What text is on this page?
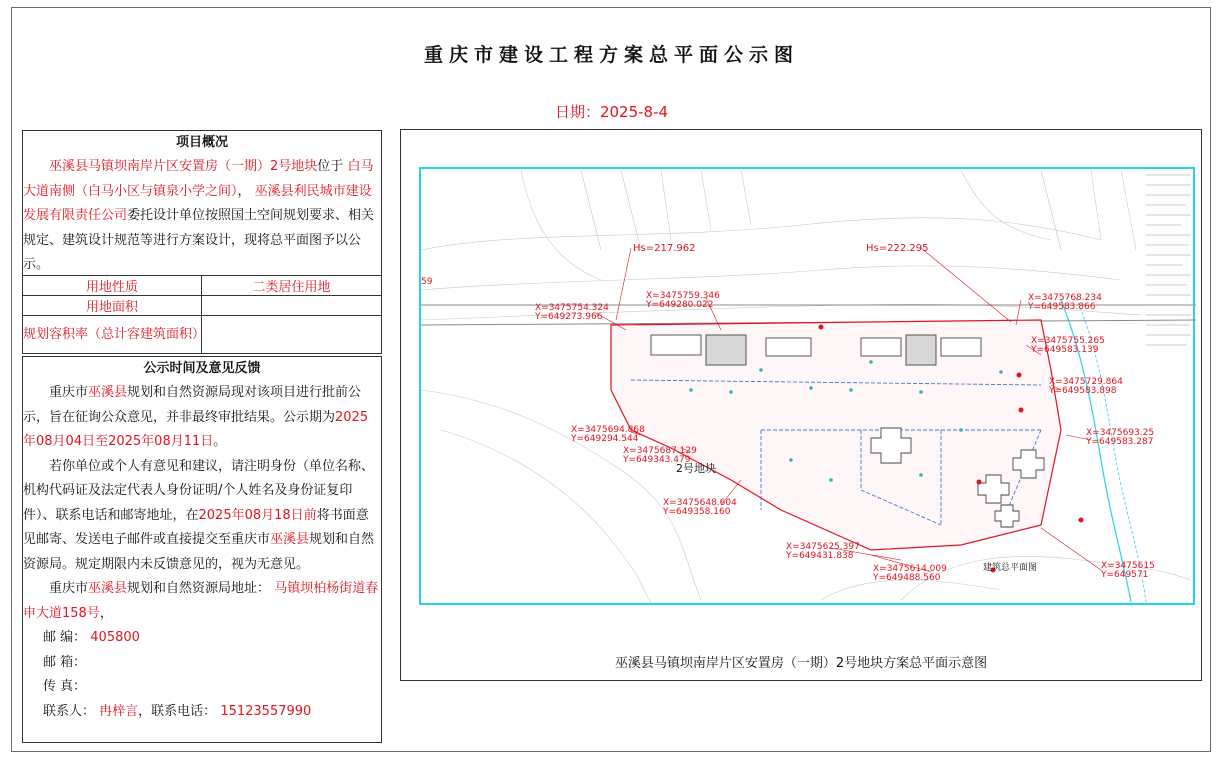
重庆市建设工程方案总平面公示图
日期：2025-8-4
项目概况
巫溪县马镇坝南岸片区安置房（一期）2号地块位于 白马大道南侧（白马小区与镇泉小学之间）， 巫溪县利民城市建设发展有限责任公司委托设计单位按照国土空间规划要求、相关规定、建筑设计规范等进行方案设计，现将总平面图予以公示。
用地性质	二类居住用地
用地面积	
规划容积率（总计容建筑面积）	
公示时间及意见反馈
重庆市巫溪县规划和自然资源局现对该项目进行批前公示，旨在征询公众意见，并非最终审批结果。公示期为2025年08月04日至2025年08月11日。
若你单位或个人有意见和建议，请注明身份（单位名称、机构代码证及法定代表人身份证明/个人姓名及身份证复印件）、联系电话和邮寄地址，在2025年08月18日前将书面意见邮寄、发送电子邮件或直接提交至重庆市巫溪县规划和自然资源局。规定期限内未反馈意见的，视为无意见。
重庆市巫溪县规划和自然资源局地址： 马镇坝柏杨街道春申大道158号，
邮 编： 405800
邮 箱：
传 真：
联系人： 冉梓言，联系电话： 15123557990
Hs=217.962	Hs=222.295
59
X=3475754.324
Y=649273.966
X=3475759.346
Y=649280.022
X=3475768.234
Y=649583.866
X=3475755.265
Y=649583.139
X=3475729.864
Y=649583.898
X=3475694.868
Y=649294.544
X=3475687.129
Y=649343.479
X=3475693.25
Y=649583.287
X=3475648.604
Y=649358.160
X=3475625.397
Y=649431.838
X=3475614.009
Y=649488.560
X=3475615
Y=649571
2号地块
建筑总平面图
巫溪县马镇坝南岸片区安置房（一期）2号地块方案总平面示意图
